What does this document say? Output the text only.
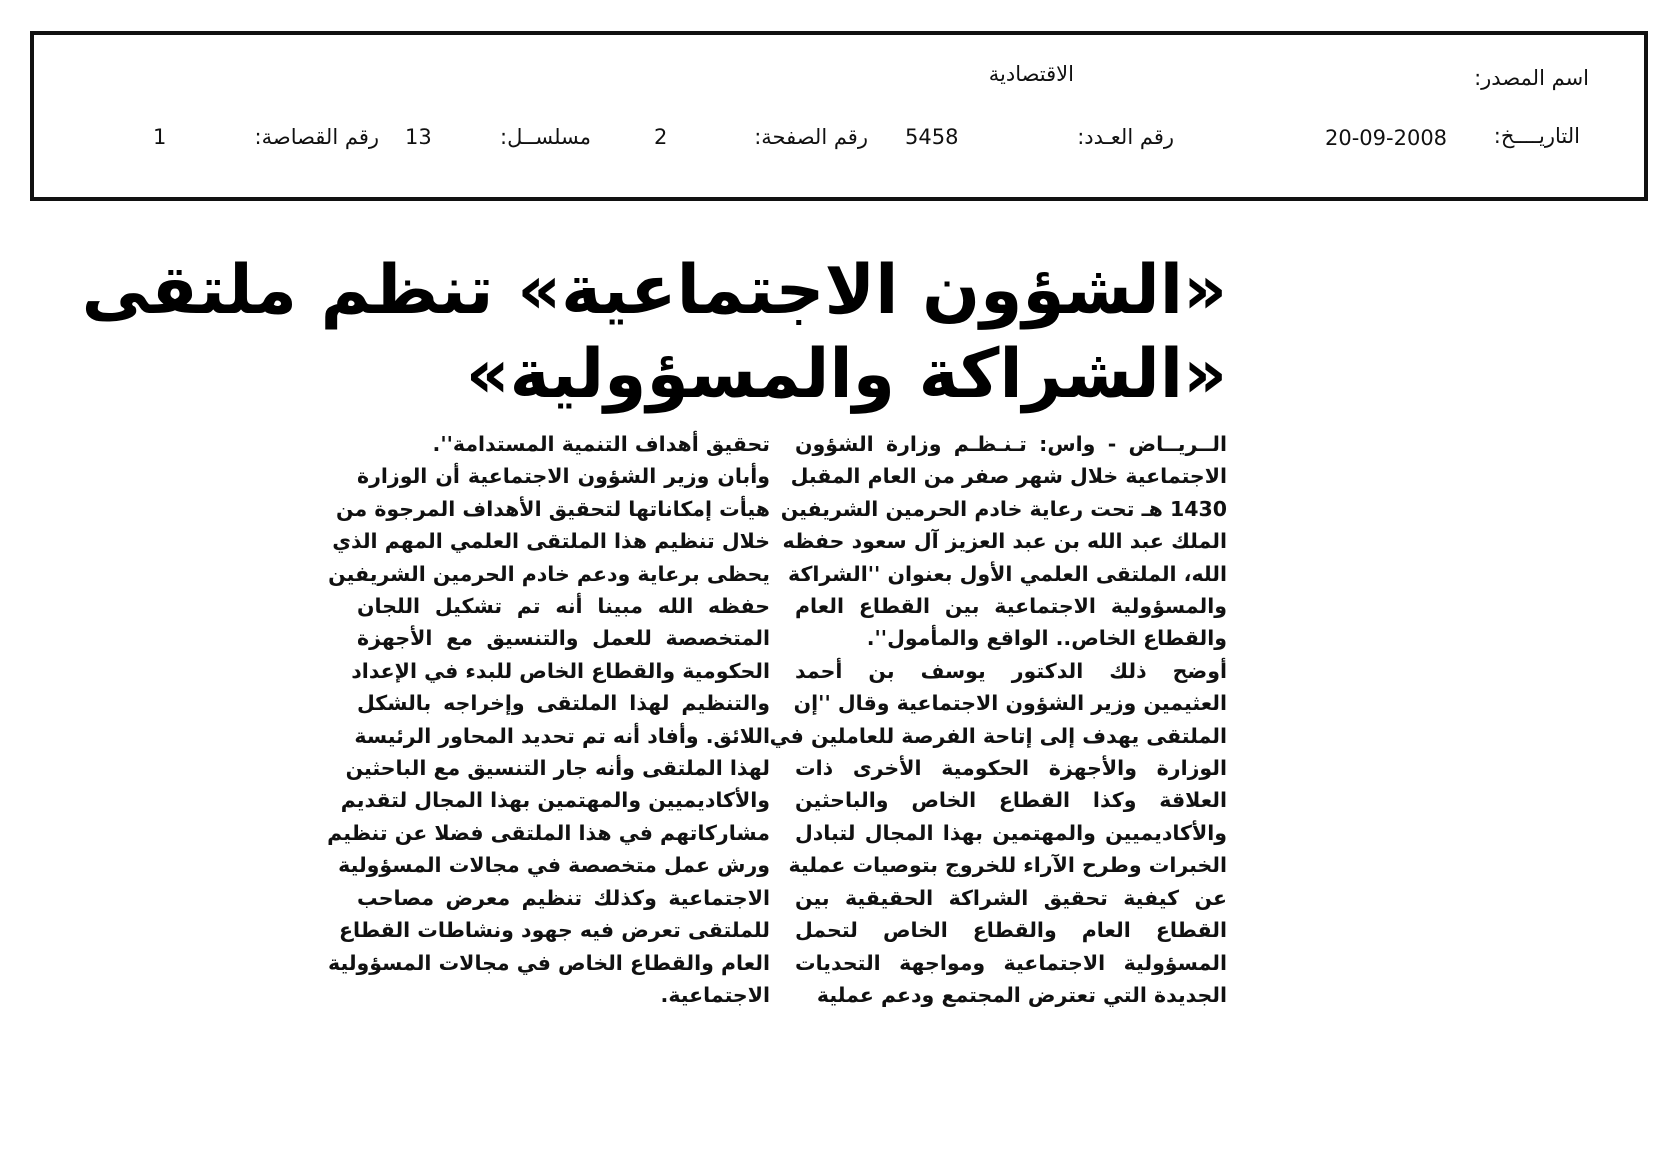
اسم المصدر:
الاقتصادية
التاريــــخ:
20-09-2008
رقم العـدد:
5458
رقم الصفحة:
2
مسلســل:
13
رقم القصاصة:
1
«الشؤون الاجتماعية» تنظم ملتقى
«الشراكة والمسؤولية»
الــريــاض - واس: تـنـظـم وزارة الشؤون
الاجتماعية خلال شهر صفر من العام المقبل
1430 هـ تحت رعاية خادم الحرمين الشريفين
الملك عبد الله بن عبد العزيز آل سعود حفظه
الله، الملتقى العلمي الأول بعنوان ''الشراكة
والمسؤولية الاجتماعية بين القطاع العام
والقطاع الخاص.. الواقع والمأمول''.
أوضح ذلك الدكتور يوسف بن أحمد
العثيمين وزير الشؤون الاجتماعية وقال ''إن
الملتقى يهدف إلى إتاحة الفرصة للعاملين في
الوزارة والأجهزة الحكومية الأخرى ذات
العلاقة وكذا القطاع الخاص والباحثين
والأكاديميين والمهتمين بهذا المجال لتبادل
الخبرات وطرح الآراء للخروج بتوصيات عملية
عن كيفية تحقيق الشراكة الحقيقية بين
القطاع العام والقطاع الخاص لتحمل
المسؤولية الاجتماعية ومواجهة التحديات
الجديدة التي تعترض المجتمع ودعم عملية
تحقيق أهداف التنمية المستدامة''.
وأبان وزير الشؤون الاجتماعية أن الوزارة
هيأت إمكاناتها لتحقيق الأهداف المرجوة من
خلال تنظيم هذا الملتقى العلمي المهم الذي
يحظى برعاية ودعم خادم الحرمين الشريفين
حفظه الله مبينا أنه تم تشكيل اللجان
المتخصصة للعمل والتنسيق مع الأجهزة
الحكومية والقطاع الخاص للبدء في الإعداد
والتنظيم لهذا الملتقى وإخراجه بالشكل
اللائق. وأفاد أنه تم تحديد المحاور الرئيسة
لهذا الملتقى وأنه جار التنسيق مع الباحثين
والأكاديميين والمهتمين بهذا المجال لتقديم
مشاركاتهم في هذا الملتقى فضلا عن تنظيم
ورش عمل متخصصة في مجالات المسؤولية
الاجتماعية وكذلك تنظيم معرض مصاحب
للملتقى تعرض فيه جهود ونشاطات القطاع
العام والقطاع الخاص في مجالات المسؤولية
الاجتماعية.
